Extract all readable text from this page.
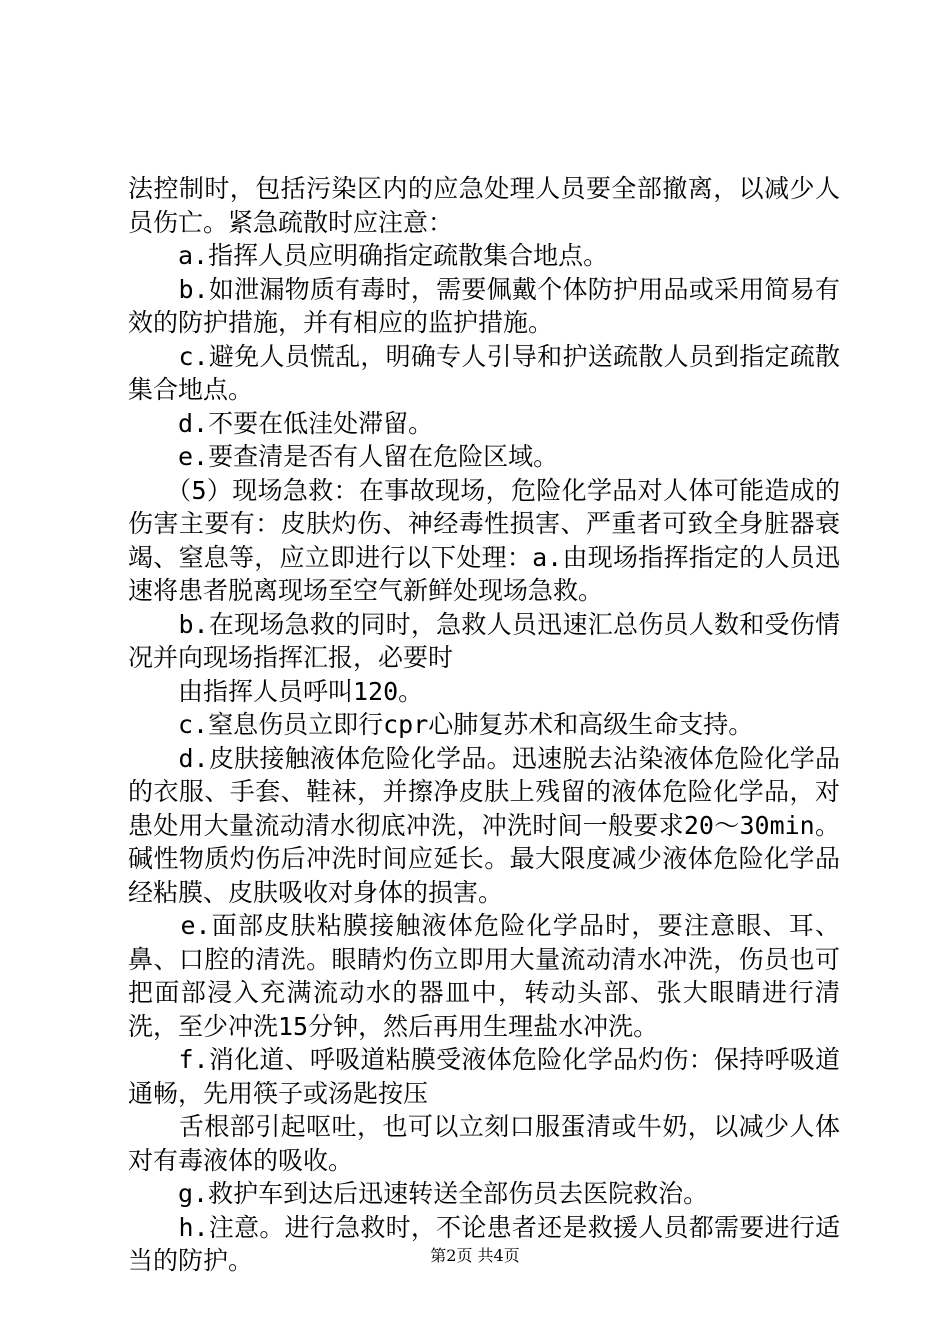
法控制时，包括污染区内的应急处理人员要全部撤离，以减少人员伤亡。紧急疏散时应注意：

　　a.指挥人员应明确指定疏散集合地点。

　　b.如泄漏物质有毒时，需要佩戴个体防护用品或采用简易有效的防护措施，并有相应的监护措施。

　　c.避免人员慌乱，明确专人引导和护送疏散人员到指定疏散集合地点。

　　d.不要在低洼处滞留。

　　e.要查清是否有人留在危险区域。

　　（5）现场急救：在事故现场，危险化学品对人体可能造成的伤害主要有：皮肤灼伤、神经毒性损害、严重者可致全身脏器衰竭、窒息等，应立即进行以下处理：a.由现场指挥指定的人员迅速将患者脱离现场至空气新鲜处现场急救。

　　b.在现场急救的同时，急救人员迅速汇总伤员人数和受伤情况并向现场指挥汇报，必要时

　　由指挥人员呼叫120。

　　c.窒息伤员立即行cpr心肺复苏术和高级生命支持。

　　d.皮肤接触液体危险化学品。迅速脱去沾染液体危险化学品的衣服、手套、鞋袜，并擦净皮肤上残留的液体危险化学品，对患处用大量流动清水彻底冲洗，冲洗时间一般要求20～30min。碱性物质灼伤后冲洗时间应延长。最大限度减少液体危险化学品经粘膜、皮肤吸收对身体的损害。

　　e.面部皮肤粘膜接触液体危险化学品时，要注意眼、耳、鼻、口腔的清洗。眼睛灼伤立即用大量流动清水冲洗，伤员也可把面部浸入充满流动水的器皿中，转动头部、张大眼睛进行清洗，至少冲洗15分钟，然后再用生理盐水冲洗。

　　f.消化道、呼吸道粘膜受液体危险化学品灼伤：保持呼吸道通畅，先用筷子或汤匙按压

　　舌根部引起呕吐，也可以立刻口服蛋清或牛奶，以减少人体对有毒液体的吸收。

　　g.救护车到达后迅速转送全部伤员去医院救治。

　　h.注意。进行急救时，不论患者还是救援人员都需要进行适当的防护。	第2页 共4页
